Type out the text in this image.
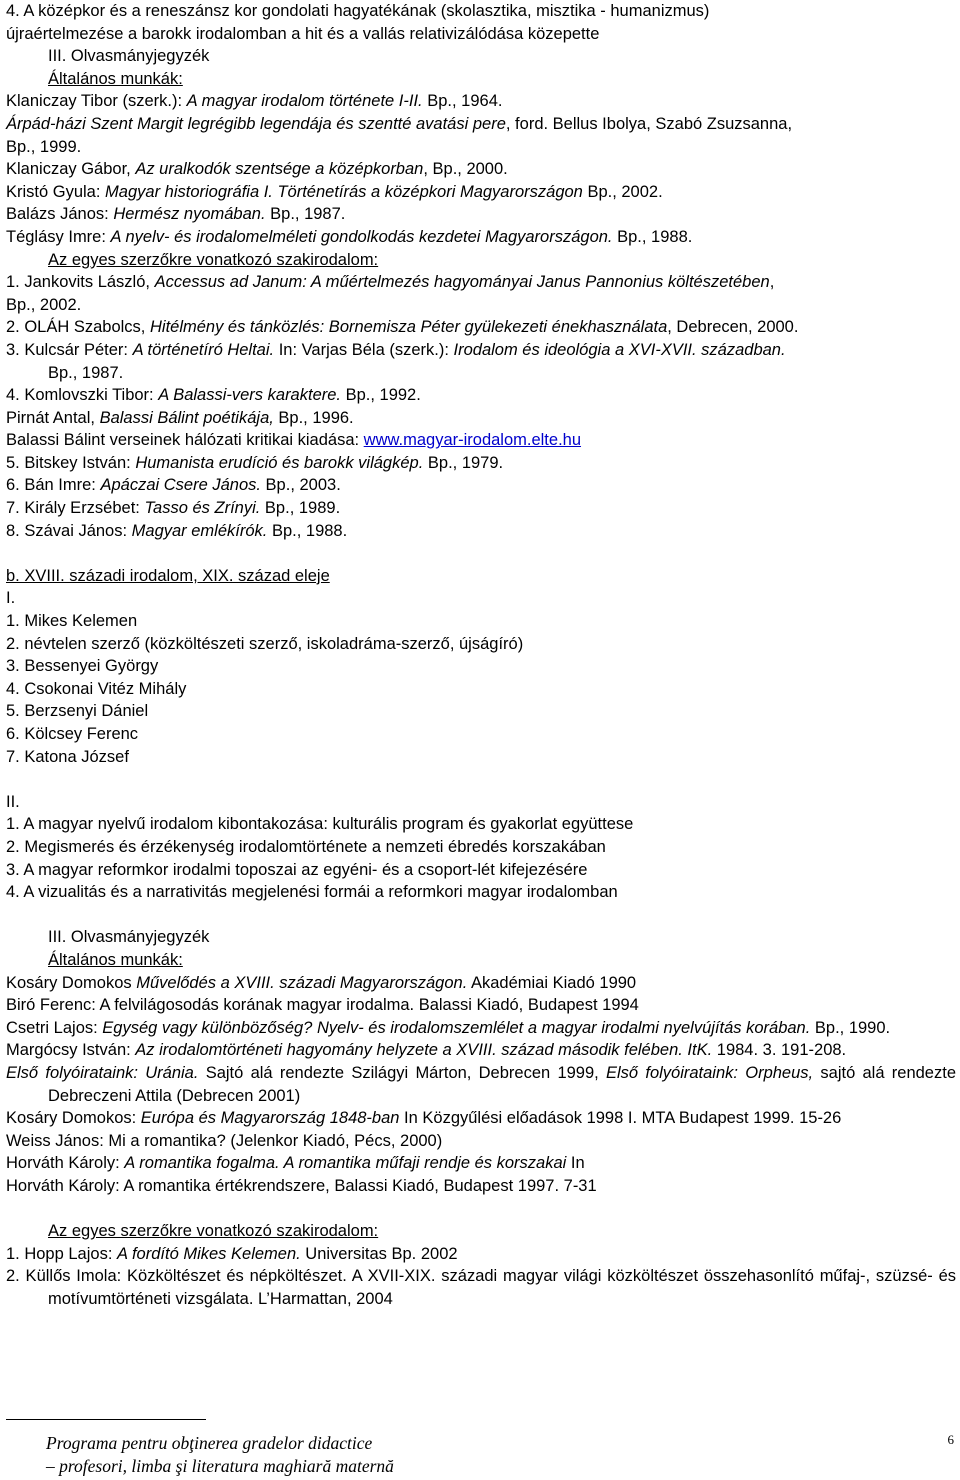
4. A középkor és a reneszánsz kor gondolati hagyatékának (skolasztika, misztika - humanizmus)
újraértelmezése a barokk irodalomban a hit és a vallás relativizálódása közepette
III. Olvasmányjegyzék
Általános munkák:
Klaniczay Tibor (szerk.): A magyar irodalom története I-II. Bp., 1964.
Árpád-házi Szent Margit legrégibb legendája és szentté avatási pere, ford. Bellus Ibolya, Szabó Zsuzsanna,
Bp., 1999.
Klaniczay Gábor, Az uralkodók szentsége a középkorban, Bp., 2000.
Kristó Gyula: Magyar historiográfia I. Történetírás a középkori Magyarországon Bp., 2002.
Balázs János: Hermész nyomában. Bp., 1987.
Téglásy Imre: A nyelv- és irodalomelméleti gondolkodás kezdetei Magyarországon. Bp., 1988.
Az egyes szerzőkre vonatkozó szakirodalom:
1. Jankovits László, Accessus ad Janum: A műértelmezés hagyományai Janus Pannonius költészetében,
Bp., 2002.
2. OLÁH Szabolcs, Hitélmény és tánközlés: Bornemisza Péter gyülekezeti énekhasználata, Debrecen, 2000.
3. Kulcsár Péter: A történetíró Heltai. In: Varjas Béla (szerk.): Irodalom és ideológia a XVI-XVII. században.
Bp., 1987.
4. Komlovszki Tibor: A Balassi-vers karaktere. Bp., 1992.
Pirnát Antal, Balassi Bálint poétikája, Bp., 1996.
Balassi Bálint verseinek hálózati kritikai kiadása: www.magyar-irodalom.elte.hu
5. Bitskey István: Humanista erudíció és barokk világkép. Bp., 1979.
6. Bán Imre: Apáczai Csere János. Bp., 2003.
7. Király Erzsébet: Tasso és Zrínyi. Bp., 1989.
8. Szávai János: Magyar emlékírók. Bp., 1988.
b. XVIII. századi irodalom, XIX. század eleje
I.
1. Mikes Kelemen
2. névtelen szerző (közköltészeti szerző, iskoladráma-szerző, újságíró)
3. Bessenyei György
4. Csokonai Vitéz Mihály
5. Berzsenyi Dániel
6. Kölcsey Ferenc
7. Katona József
II.
1. A magyar nyelvű irodalom kibontakozása: kulturális program és gyakorlat együttese
2. Megismerés és érzékenység irodalomtörténete a nemzeti ébredés korszakában
3. A magyar reformkor irodalmi toposzai az egyéni- és a csoport-lét kifejezésére
4. A vizualitás és a narrativitás megjelenési formái a reformkori magyar irodalomban
III. Olvasmányjegyzék
Általános munkák:
Kosáry Domokos Művelődés a XVIII. századi Magyarországon. Akadémiai Kiadó 1990
Biró Ferenc: A felvilágosodás korának magyar irodalma. Balassi Kiadó, Budapest 1994
Csetri Lajos: Egység vagy különbözőség? Nyelv- és irodalomszemlélet a magyar irodalmi nyelvújítás korában. Bp., 1990.
Margócsy István: Az irodalomtörténeti hagyomány helyzete a XVIII. század második felében. ItK. 1984. 3. 191-208.
Első folyóirataink: Uránia. Sajtó alá rendezte Szilágyi Márton, Debrecen 1999, Első folyóirataink: Orpheus, sajtó alá rendezte Debreczeni Attila (Debrecen 2001)
Kosáry Domokos: Európa és Magyarország 1848-ban In Közgyűlési előadások 1998 I. MTA Budapest 1999. 15-26
Weiss János: Mi a romantika? (Jelenkor Kiadó, Pécs, 2000)
Horváth Károly: A romantika fogalma. A romantika műfaji rendje és korszakai In
Horváth Károly: A romantika értékrendszere, Balassi Kiadó, Budapest 1997. 7-31
Az egyes szerzőkre vonatkozó szakirodalom:
1. Hopp Lajos: A fordító Mikes Kelemen. Universitas Bp. 2002
2. Küllős Imola: Közköltészet és népköltészet. A XVII-XIX. századi magyar világi közköltészet összehasonlító műfaj-, szüzsé- és motívumtörténeti vizsgálata. L’Harmattan, 2004
Programa pentru obţinerea gradelor didactice
– profesori, limba şi literatura maghiară maternă
6
